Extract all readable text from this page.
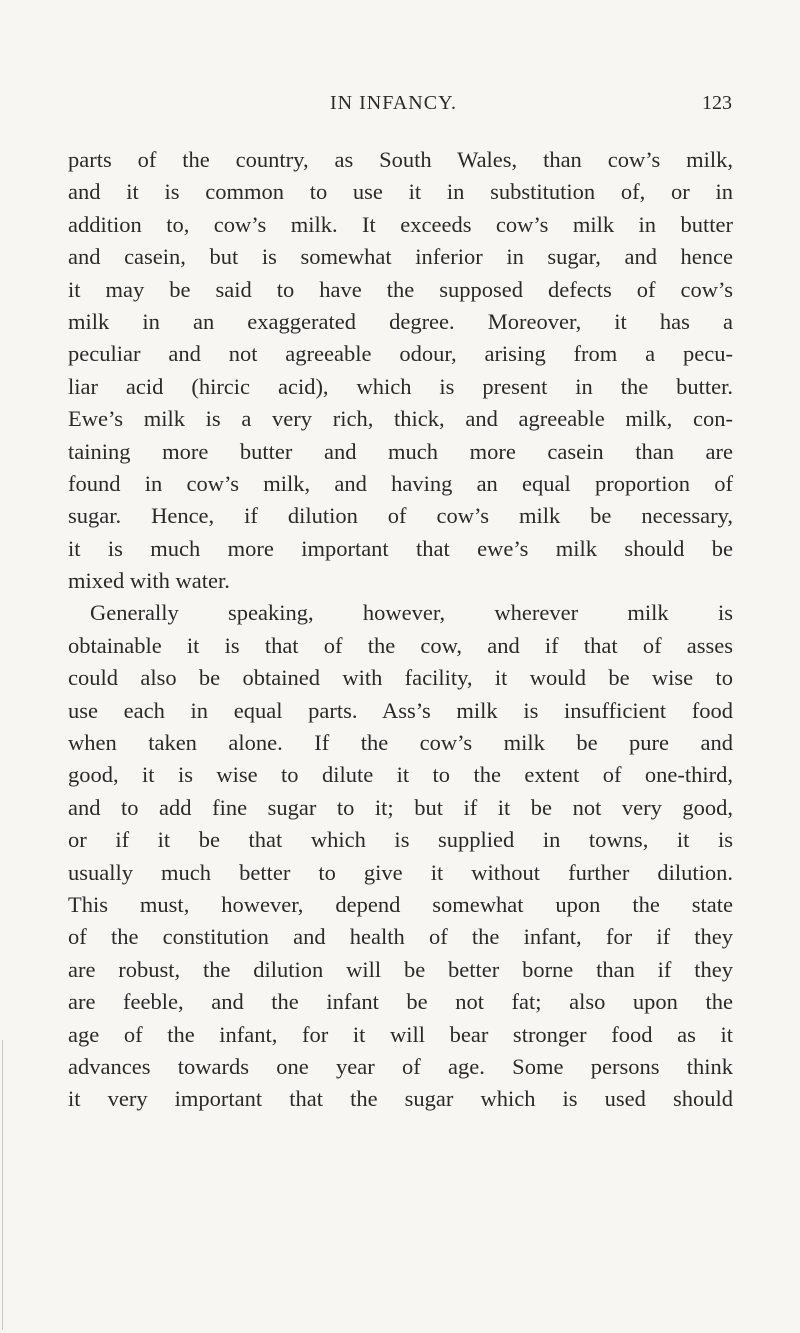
IN INFANCY.	123
parts of the country, as South Wales, than cow’s milk,
and it is common to use it in substitution of, or in
addition to, cow’s milk. It exceeds cow’s milk in butter
and casein, but is somewhat inferior in sugar, and hence
it may be said to have the supposed defects of cow’s
milk in an exaggerated degree. Moreover, it has a
peculiar and not agreeable odour, arising from a pecu-
liar acid (hircic acid), which is present in the butter.
Ewe’s milk is a very rich, thick, and agreeable milk, con-
taining more butter and much more casein than are
found in cow’s milk, and having an equal proportion of
sugar. Hence, if dilution of cow’s milk be necessary,
it is much more important that ewe’s milk should be
mixed with water.
Generally speaking, however, wherever milk is
obtainable it is that of the cow, and if that of asses
could also be obtained with facility, it would be wise to
use each in equal parts. Ass’s milk is insufficient food
when taken alone. If the cow’s milk be pure and
good, it is wise to dilute it to the extent of one-third,
and to add fine sugar to it; but if it be not very good,
or if it be that which is supplied in towns, it is
usually much better to give it without further dilution.
This must, however, depend somewhat upon the state
of the constitution and health of the infant, for if they
are robust, the dilution will be better borne than if they
are feeble, and the infant be not fat; also upon the
age of the infant, for it will bear stronger food as it
advances towards one year of age. Some persons think
it very important that the sugar which is used should
